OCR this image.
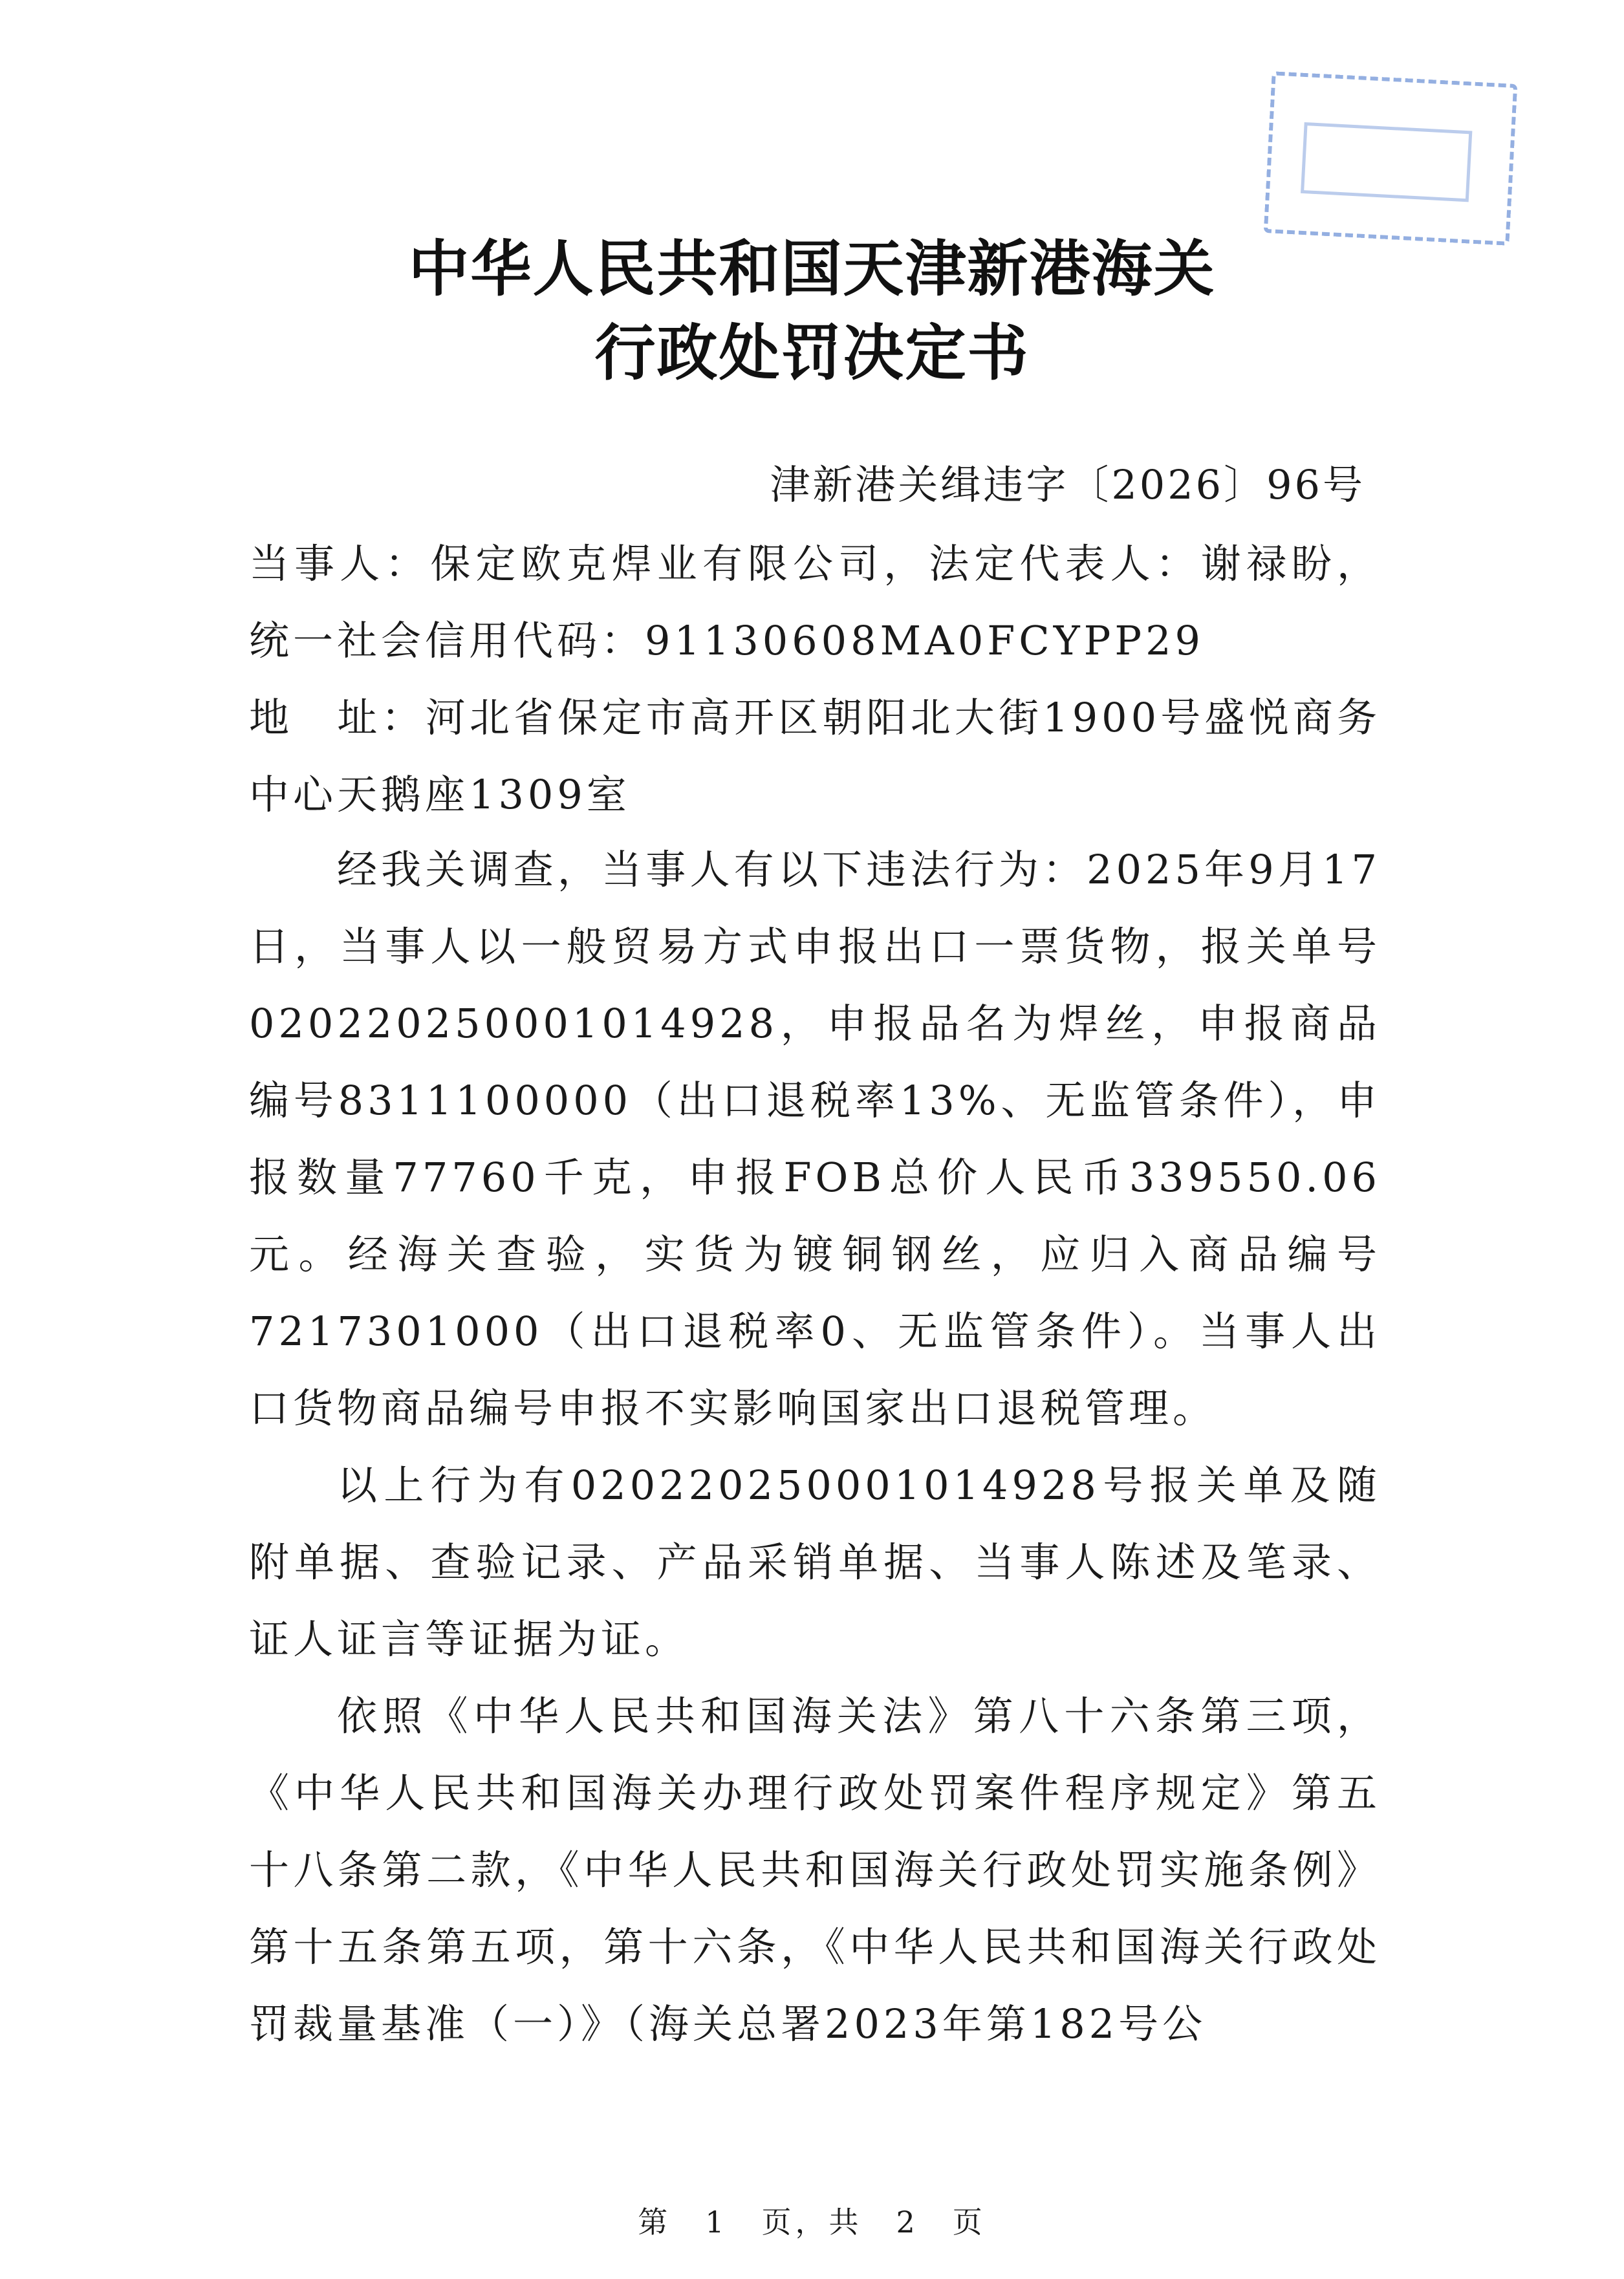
中华人民共和国天津新港海关
行政处罚决定书
津新港关缉违字〔2026〕96号

当事人：保定欧克焊业有限公司，法定代表人：谢禄盼，统一社会信用代码：91130608MA0FCYPP29

地　址：河北省保定市高开区朝阳北大街1900号盛悦商务中心天鹅座1309室

经我关调查，当事人有以下违法行为：2025年9月17日，当事人以一般贸易方式申报出口一票货物，报关单号020220250001014928，申报品名为焊丝，申报商品编号8311100000（出口退税率13%、无监管条件），申报数量77760千克，申报FOB总价人民币339550.06元。经海关查验，实货为镀铜钢丝，应归入商品编号7217301000（出口退税率0、无监管条件）。当事人出口货物商品编号申报不实影响国家出口退税管理。

以上行为有020220250001014928号报关单及随附单据、查验记录、产品采销单据、当事人陈述及笔录、证人证言等证据为证。

依照《中华人民共和国海关法》第八十六条第三项，《中华人民共和国海关办理行政处罚案件程序规定》第五十八条第二款，《中华人民共和国海关行政处罚实施条例》第十五条第五项，第十六条，《中华人民共和国海关行政处罚裁量基准（一）》（海关总署2023年第182号公

第　1　页，共　2　页
